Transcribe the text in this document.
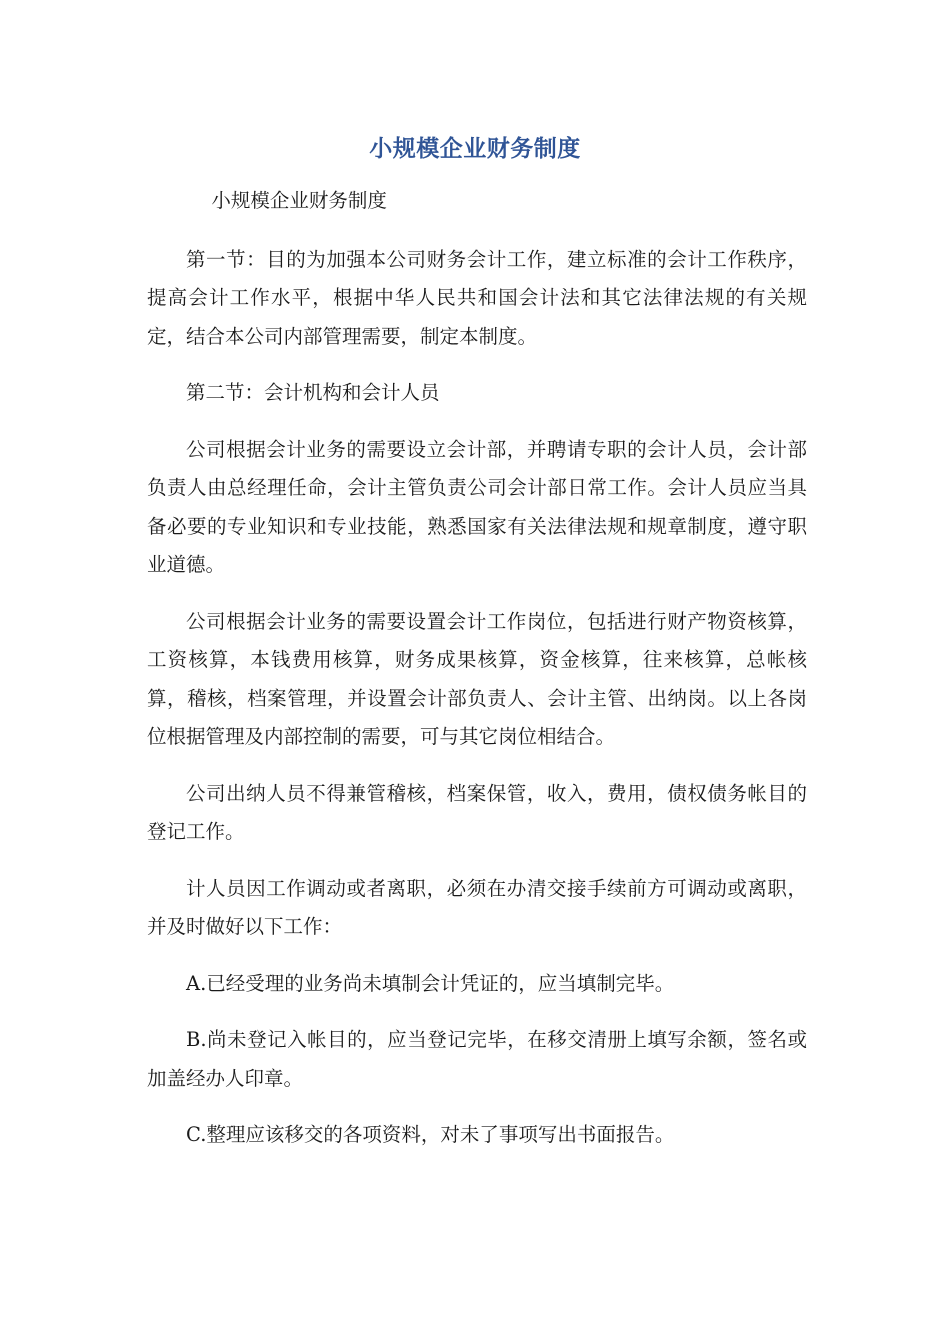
小规模企业财务制度

小规模企业财务制度

第一节：目的为加强本公司财务会计工作，建立标准的会计工作秩序，提高会计工作水平，根据中华人民共和国会计法和其它法律法规的有关规定，结合本公司内部管理需要，制定本制度。

第二节：会计机构和会计人员

公司根据会计业务的需要设立会计部，并聘请专职的会计人员，会计部负责人由总经理任命，会计主管负责公司会计部日常工作。会计人员应当具备必要的专业知识和专业技能，熟悉国家有关法律法规和规章制度，遵守职业道德。

公司根据会计业务的需要设置会计工作岗位，包括进行财产物资核算，工资核算，本钱费用核算，财务成果核算，资金核算，往来核算，总帐核算，稽核，档案管理，并设置会计部负责人、会计主管、出纳岗。以上各岗位根据管理及内部控制的需要，可与其它岗位相结合。

公司出纳人员不得兼管稽核，档案保管，收入，费用，债权债务帐目的登记工作。

计人员因工作调动或者离职，必须在办清交接手续前方可调动或离职，并及时做好以下工作：

A.已经受理的业务尚未填制会计凭证的，应当填制完毕。

B.尚未登记入帐目的，应当登记完毕，在移交清册上填写余额，签名或加盖经办人印章。

C.整理应该移交的各项资料，对未了事项写出书面报告。
